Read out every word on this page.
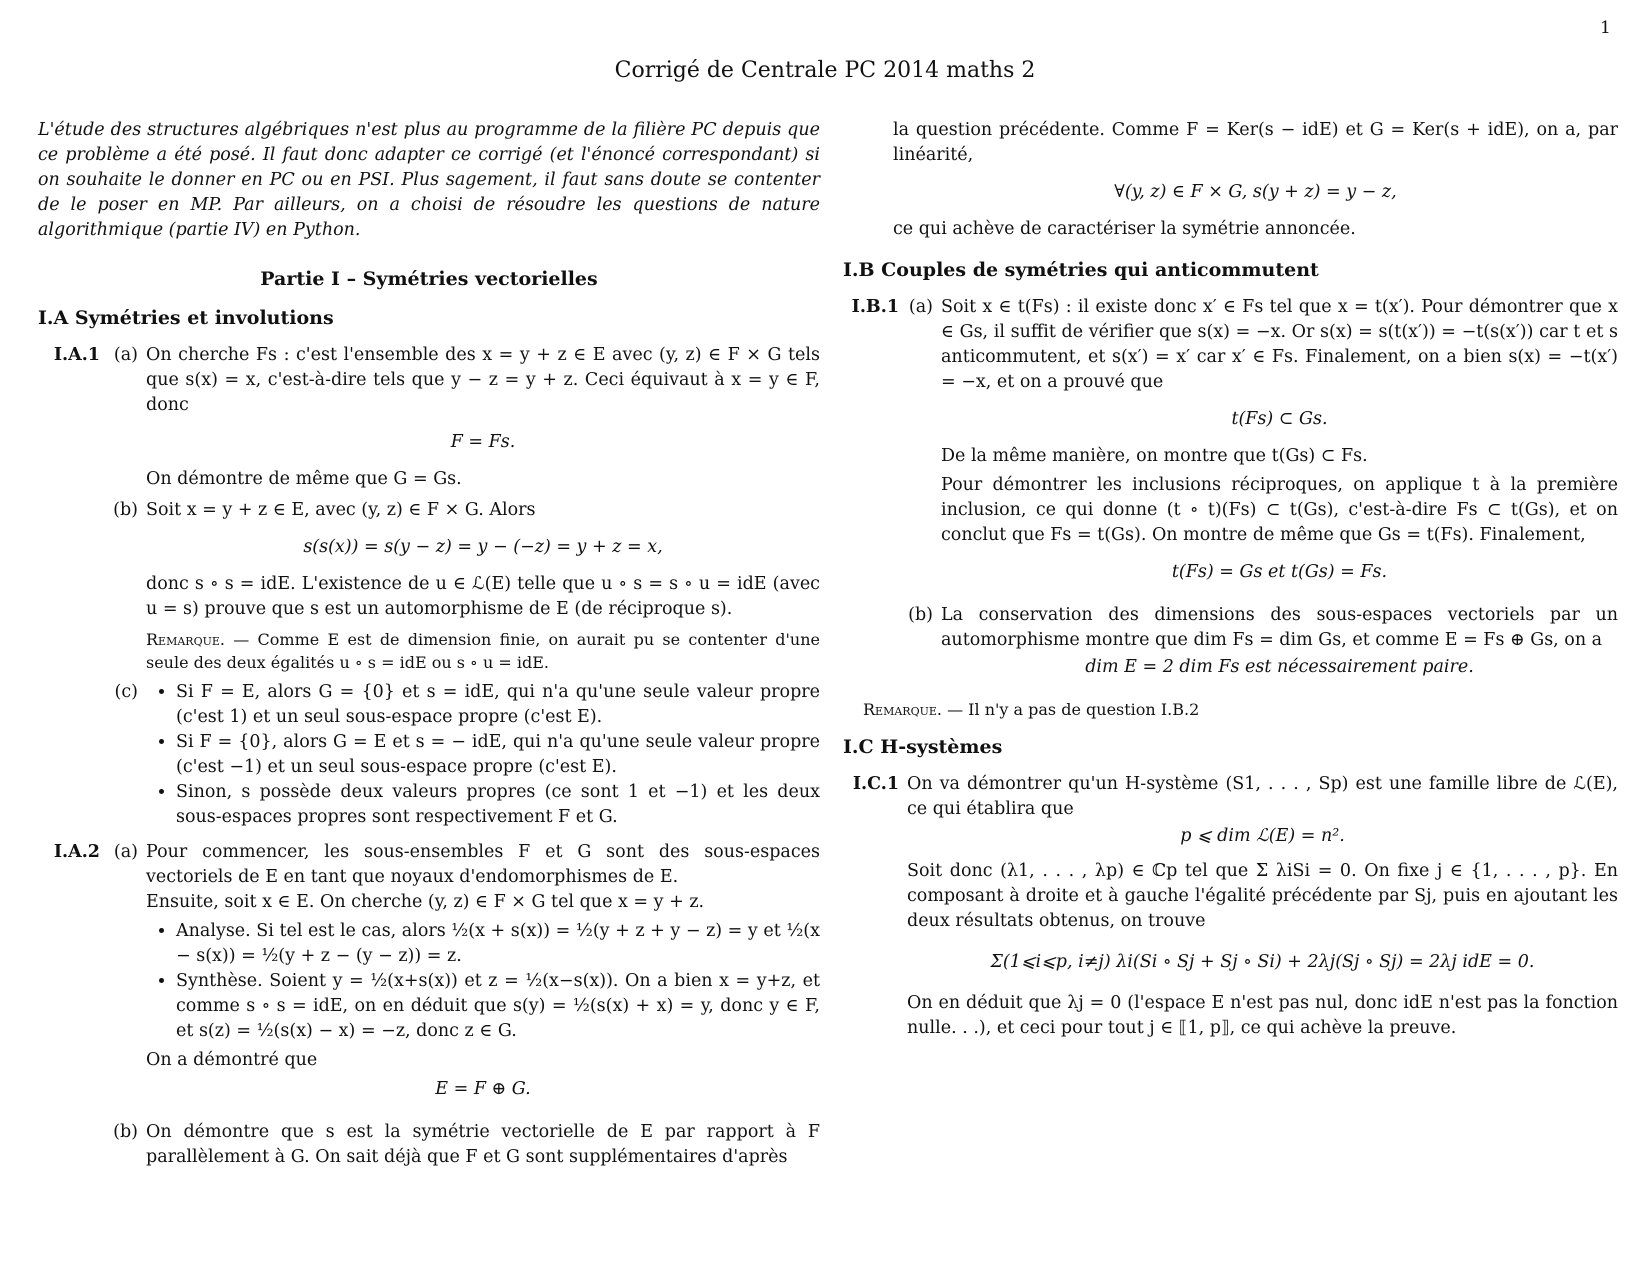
1
Corrigé de Centrale PC 2014 maths 2

L'étude des structures algébriques n'est plus au programme de la filière PC depuis que ce problème a été posé. Il faut donc adapter ce corrigé (et l'énoncé correspondant) si on souhaite le donner en PC ou en PSI. Plus sagement, il faut sans doute se contenter de le poser en MP. Par ailleurs, on a choisi de résoudre les questions de nature algorithmique (partie IV) en Python.

Partie I – Symétries vectorielles
I.A Symétries et involutions
I.A.1 (a) On cherche Fs : c'est l'ensemble des x = y + z ∈ E avec (y, z) ∈ F × G tels que s(x) = x, c'est-à-dire tels que y − z = y + z. Ceci équivaut à x = y ∈ F, donc

F = Fs.

On démontre de même que G = Gs.

(b) Soit x = y + z ∈ E, avec (y, z) ∈ F × G. Alors

s(s(x)) = s(y − z) = y − (−z) = y + z = x,

donc s ∘ s = idE. L'existence de u ∈ ℒ(E) telle que u ∘ s = s ∘ u = idE (avec u = s) prouve que s est un automorphisme de E (de réciproque s).

Remarque. — Comme E est de dimension finie, on aurait pu se contenter d'une seule des deux égalités u ∘ s = idE ou s ∘ u = idE.

(c)
•	Si F = E, alors G = {0} et s = idE, qui n'a qu'une seule valeur propre (c'est 1) et un seul sous-espace propre (c'est E).
• Si F = {0}, alors G = E et s = − idE, qui n'a qu'une seule valeur propre (c'est −1) et un seul sous-espace propre (c'est E).
• Sinon, s possède deux valeurs propres (ce sont 1 et −1) et les deux sous-espaces propres sont respectivement F et G.
I.A.2 (a) Pour commencer, les sous-ensembles F et G sont des sous-espaces vectoriels de E en tant que noyaux d'endomorphismes de E.

Ensuite, soit x ∈ E. On cherche (y, z) ∈ F × G tel que x = y + z.

• Analyse. Si tel est le cas, alors ½(x + s(x)) = ½(y + z + y − z) = y et ½(x − s(x)) = ½(y + z − (y − z)) = z.
• Synthèse. Soient y = ½(x+s(x)) et z = ½(x−s(x)). On a bien x = y+z, et comme s ∘ s = idE, on en déduit que s(y) = ½(s(x) + x) = y, donc y ∈ F, et s(z) = ½(s(x) − x) = −z, donc z ∈ G.

On a démontré que

E = F ⊕ G.

(b) On démontre que s est la symétrie vectorielle de E par rapport à F parallèlement à G. On sait déjà que F et G sont supplémentaires d'après

la question précédente. Comme F = Ker(s − idE) et G = Ker(s + idE), on a, par linéarité,

∀(y, z) ∈ F × G, s(y + z) = y − z,

ce qui achève de caractériser la symétrie annoncée.

I.B Couples de symétries qui anticommutent
I.B.1 (a) Soit x ∈ t(Fs) : il existe donc x′ ∈ Fs tel que x = t(x′). Pour démontrer que x ∈ Gs, il suffit de vérifier que s(x) = −x. Or s(x) = s(t(x′)) = −t(s(x′)) car t et s anticommutent, et s(x′) = x′ car x′ ∈ Fs. Finalement, on a bien s(x) = −t(x′) = −x, et on a prouvé que

t(Fs) ⊂ Gs.

De la même manière, on montre que t(Gs) ⊂ Fs.

Pour démontrer les inclusions réciproques, on applique t à la première inclusion, ce qui donne (t ∘ t)(Fs) ⊂ t(Gs), c'est-à-dire Fs ⊂ t(Gs), et on conclut que Fs = t(Gs). On montre de même que Gs = t(Fs). Finalement,

t(Fs) = Gs et t(Gs) = Fs.

(b) La conservation des dimensions des sous-espaces vectoriels par un automorphisme montre que dim Fs = dim Gs, et comme E = Fs ⊕ Gs, on a

dim E = 2 dim Fs est nécessairement paire.

Remarque. — Il n'y a pas de question I.B.2

I.C H-systèmes
I.C.1 On va démontrer qu'un H-système (S1, . . . , Sp) est une famille libre de ℒ(E), ce qui établira que

p ⩽ dim ℒ(E) = n².

Soit donc (λ1, . . . , λp) ∈ ℂp tel que Σ λiSi = 0. On fixe j ∈ {1, . . . , p}. En composant à droite et à gauche l'égalité précédente par Sj, puis en ajoutant les deux résultats obtenus, on trouve

Σ(1⩽i⩽p, i≠j) λi(Si ∘ Sj + Sj ∘ Si) + 2λj(Sj ∘ Sj) = 2λj idE = 0.

On en déduit que λj = 0 (l'espace E n'est pas nul, donc idE n'est pas la fonction nulle. . .), et ceci pour tout j ∈ ⟦1, p⟧, ce qui achève la preuve.
